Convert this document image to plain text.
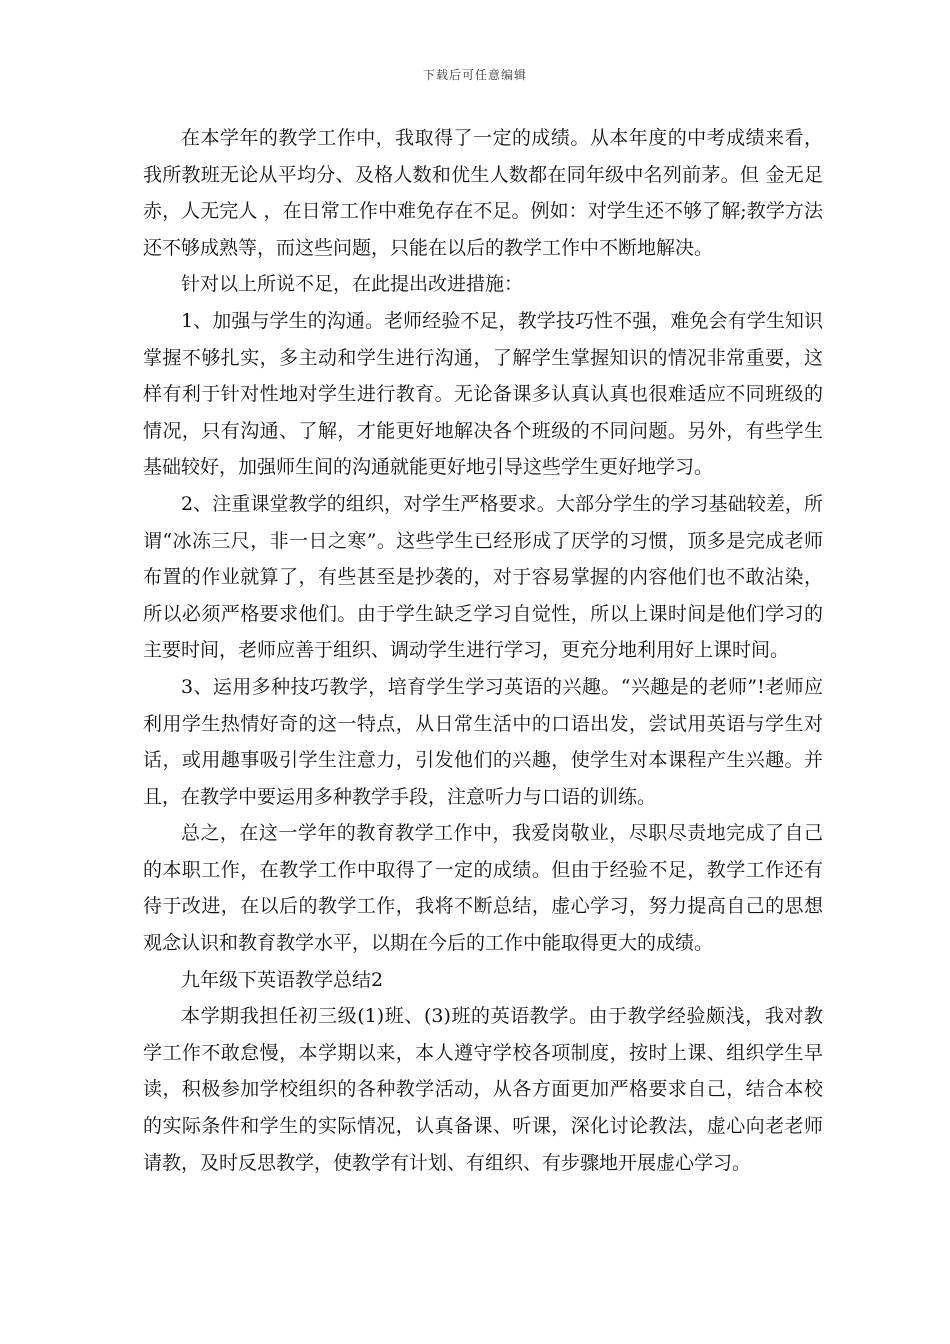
下载后可任意编辑

在本学年的教学工作中，我取得了一定的成绩。从本年度的中考成绩来看，我所教班无论从平均分、及格人数和优生人数都在同年级中名列前茅。但 金无足赤，人无完人 ，在日常工作中难免存在不足。例如：对学生还不够了解;教学方法还不够成熟等，而这些问题，只能在以后的教学工作中不断地解决。

针对以上所说不足，在此提出改进措施：

1、加强与学生的沟通。老师经验不足，教学技巧性不强，难免会有学生知识掌握不够扎实，多主动和学生进行沟通，了解学生掌握知识的情况非常重要，这样有利于针对性地对学生进行教育。无论备课多认真认真也很难适应不同班级的情况，只有沟通、了解，才能更好地解决各个班级的不同问题。另外，有些学生基础较好，加强师生间的沟通就能更好地引导这些学生更好地学习。

2、注重课堂教学的组织，对学生严格要求。大部分学生的学习基础较差，所谓“冰冻三尺，非一日之寒”。这些学生已经形成了厌学的习惯，顶多是完成老师布置的作业就算了，有些甚至是抄袭的，对于容易掌握的内容他们也不敢沾染，所以必须严格要求他们。由于学生缺乏学习自觉性，所以上课时间是他们学习的主要时间，老师应善于组织、调动学生进行学习，更充分地利用好上课时间。

3、运用多种技巧教学，培育学生学习英语的兴趣。“兴趣是的老师”!老师应利用学生热情好奇的这一特点，从日常生活中的口语出发，尝试用英语与学生对话，或用趣事吸引学生注意力，引发他们的兴趣，使学生对本课程产生兴趣。并且，在教学中要运用多种教学手段，注意听力与口语的训练。

总之，在这一学年的教育教学工作中，我爱岗敬业，尽职尽责地完成了自己的本职工作，在教学工作中取得了一定的成绩。但由于经验不足，教学工作还有待于改进，在以后的教学工作，我将不断总结，虚心学习，努力提高自己的思想观念认识和教育教学水平，以期在今后的工作中能取得更大的成绩。

九年级下英语教学总结2

本学期我担任初三级(1)班、(3)班的英语教学。由于教学经验颇浅，我对教学工作不敢怠慢，本学期以来，本人遵守学校各项制度，按时上课、组织学生早读，积极参加学校组织的各种教学活动，从各方面更加严格要求自己，结合本校的实际条件和学生的实际情况，认真备课、听课，深化讨论教法，虚心向老老师请教，及时反思教学，使教学有计划、有组织、有步骤地开展虚心学习。
